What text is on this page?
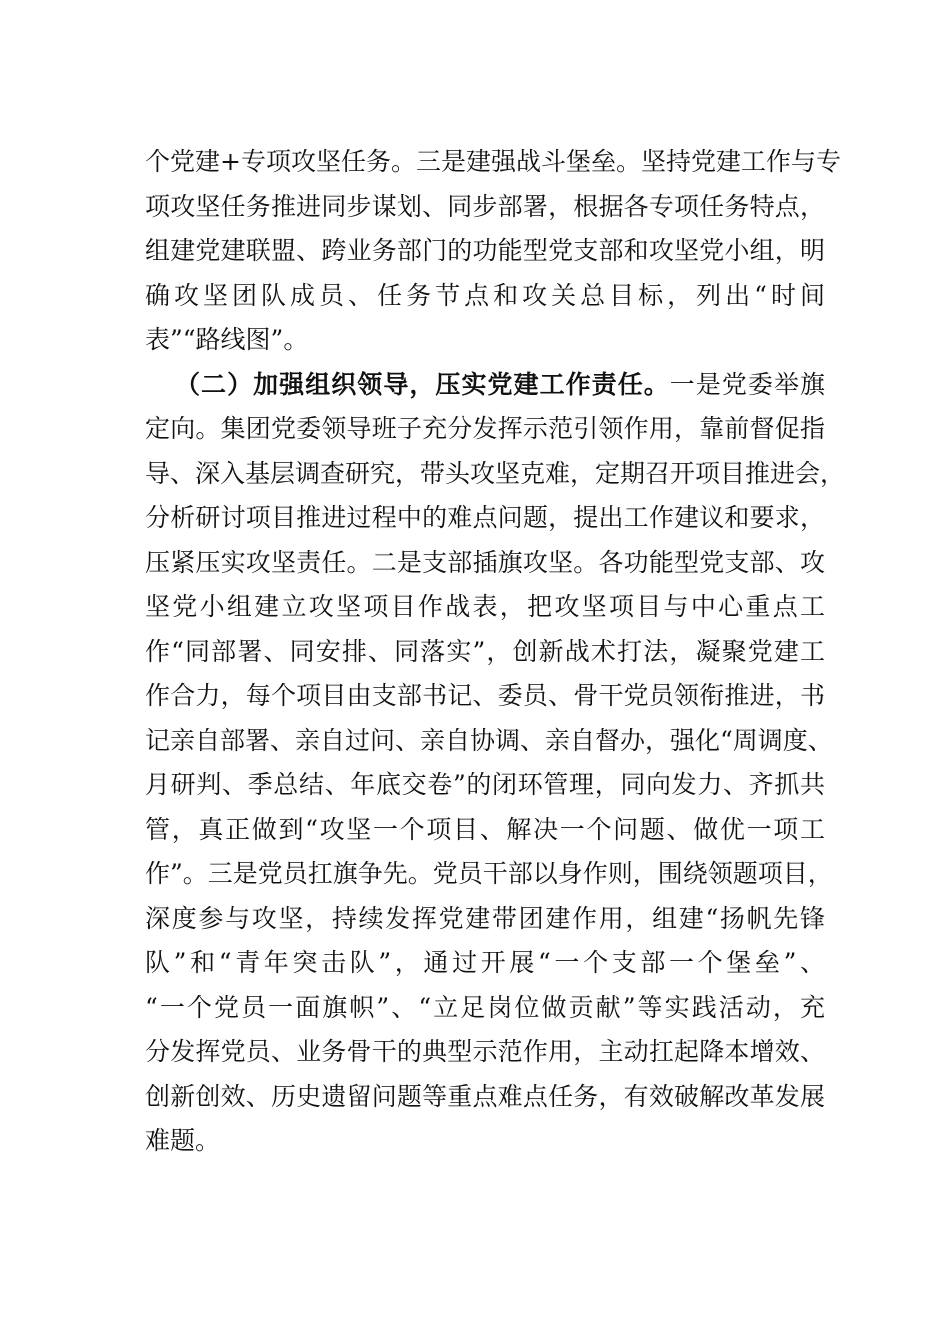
个党建+专项攻坚任务。三是建强战斗堡垒。坚持党建工作与专
项攻坚任务推进同步谋划、同步部署，根据各专项任务特点，
组建党建联盟、跨业务部门的功能型党支部和攻坚党小组，明
确攻坚团队成员、任务节点和攻关总目标，列出“时间
表”“路线图”。
（二）加强组织领导，压实党建工作责任。一是党委举旗
定向。集团党委领导班子充分发挥示范引领作用，靠前督促指
导、深入基层调查研究，带头攻坚克难，定期召开项目推进会，
分析研讨项目推进过程中的难点问题，提出工作建议和要求，
压紧压实攻坚责任。二是支部插旗攻坚。各功能型党支部、攻
坚党小组建立攻坚项目作战表，把攻坚项目与中心重点工
作“同部署、同安排、同落实”，创新战术打法，凝聚党建工
作合力，每个项目由支部书记、委员、骨干党员领衔推进，书
记亲自部署、亲自过问、亲自协调、亲自督办，强化“周调度、
月研判、季总结、年底交卷”的闭环管理，同向发力、齐抓共
管，真正做到“攻坚一个项目、解决一个问题、做优一项工
作”。三是党员扛旗争先。党员干部以身作则，围绕领题项目，
深度参与攻坚，持续发挥党建带团建作用，组建“扬帆先锋
队”和“青年突击队”，通过开展“一个支部一个堡垒”、
“一个党员一面旗帜”、“立足岗位做贡献”等实践活动，充
分发挥党员、业务骨干的典型示范作用，主动扛起降本增效、
创新创效、历史遗留问题等重点难点任务，有效破解改革发展
难题。
